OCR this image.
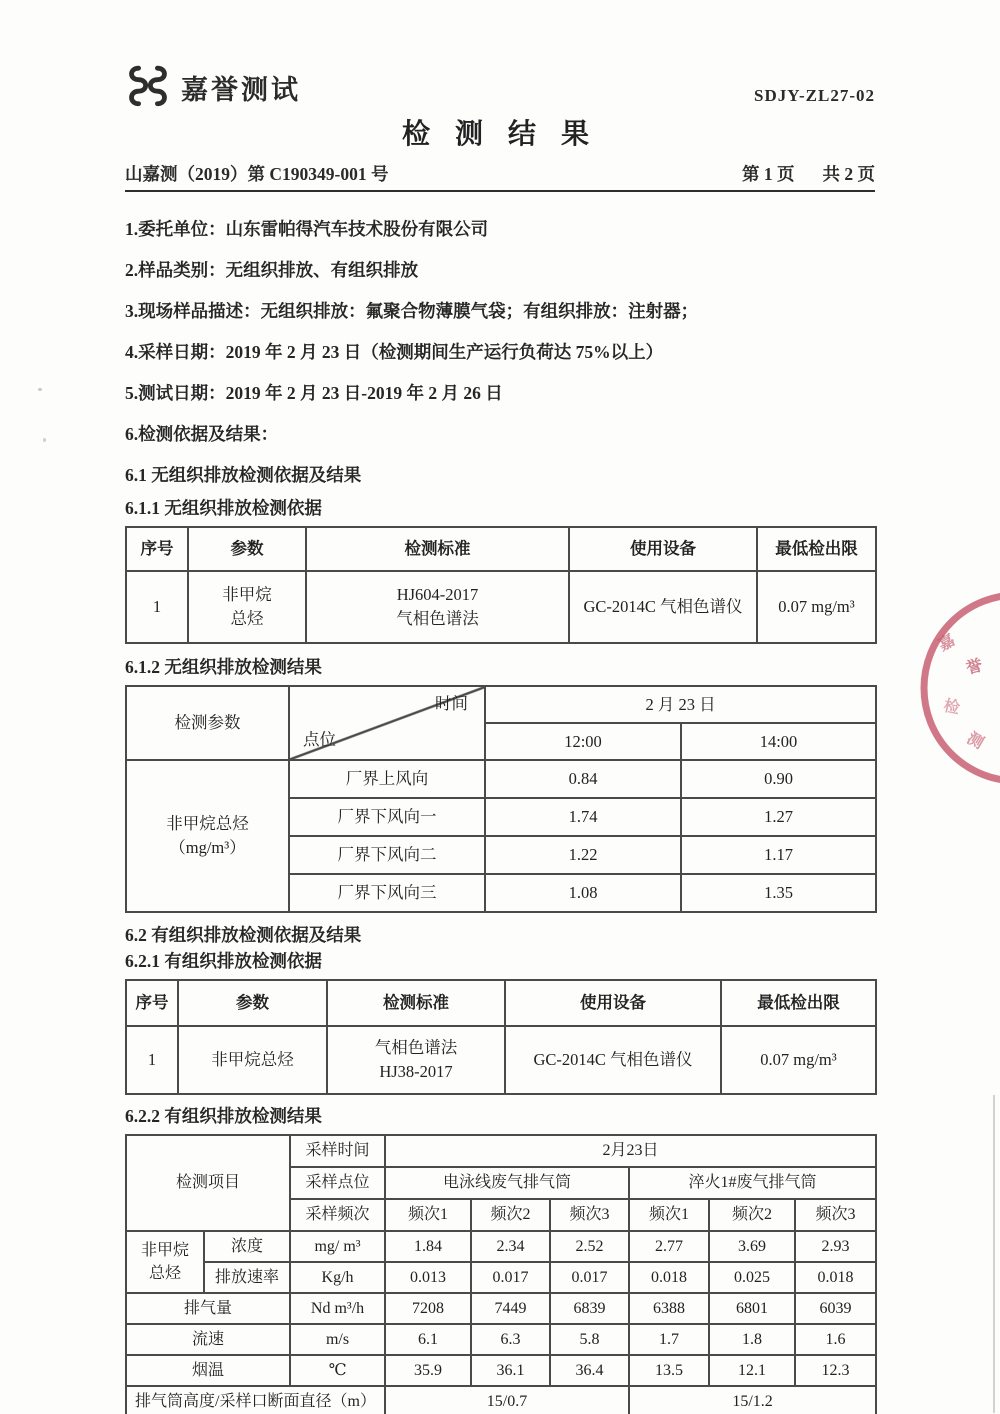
嘉誉测试	SDJY-ZL27-02
检 测 结 果
山嘉测（2019）第 C190349-001 号	第 1 页 共 2 页
1.委托单位：山东雷帕得汽车技术股份有限公司
2.样品类别：无组织排放、有组织排放
3.现场样品描述：无组织排放：氟聚合物薄膜气袋；有组织排放：注射器；
4.采样日期：2019 年 2 月 23 日（检测期间生产运行负荷达 75%以上）
5.测试日期：2019 年 2 月 23 日-2019 年 2 月 26 日
6.检测依据及结果：
6.1 无组织排放检测依据及结果
6.1.1 无组织排放检测依据
序号	参数	检测标准	使用设备	最低检出限
1	非甲烷
总烃	HJ604-2017
气相色谱法	GC-2014C 气相色谱仪	0.07 mg/m³
6.1.2 无组织排放检测结果
检测参数	时间
点位	2 月 23 日	
		12:00	14:00

非甲烷总烃
（mg/m³）	厂界上风向	0.84	0.90
	厂界下风向一	1.74	1.27
	厂界下风向二	1.22	1.17
	厂界下风向三	1.08	1.35
6.2 有组织排放检测依据及结果
6.2.1 有组织排放检测依据
序号	参数	检测标准	使用设备	最低检出限
1	非甲烷总烃	气相色谱法
HJ38-2017	GC-2014C 气相色谱仪	0.07 mg/m³
6.2.2 有组织排放检测结果
检测项目		采样时间	2月23日					
		采样点位	电泳线废气排气筒			淬火1#废气排气筒		
		采样频次	频次1	频次2	频次3	频次1	频次2	频次3

非甲烷
总烃	浓度	mg/ m³	1.84	2.34	2.52	2.77	3.69	2.93
	排放速率	Kg/h	0.013	0.017	0.017	0.018	0.025	0.018
排气量		Nd m³/h	7208	7449	6839	6388	6801	6039
流速		m/s	6.1	6.3	5.8	1.7	1.8	1.6
烟温		℃	35.9	36.1	36.4	13.5	12.1	12.3
排气筒高度/采样口断面直径（m）			15/0.7			15/1.2		
嘉
誉
检
测
